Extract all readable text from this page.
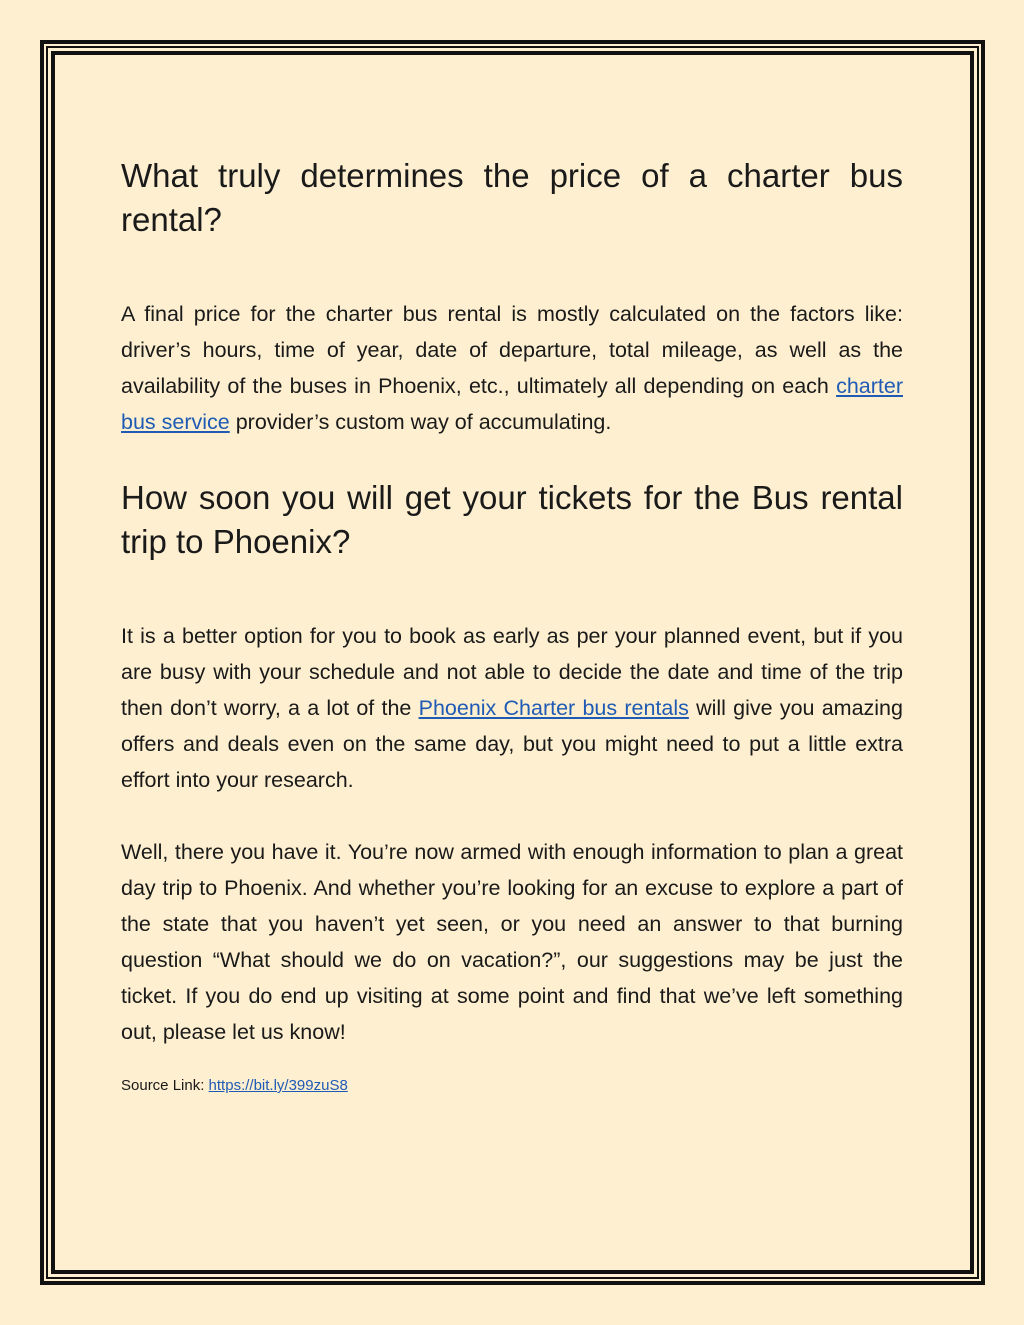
What truly determines the price of a charter bus rental?

A final price for the charter bus rental is mostly calculated on the factors like: driver’s hours, time of year, date of departure, total mileage, as well as the availability of the buses in Phoenix, etc., ultimately all depending on each charter bus service provider’s custom way of accumulating.

How soon you will get your tickets for the Bus rental trip to Phoenix?

It is a better option for you to book as early as per your planned event, but if you are busy with your schedule and not able to decide the date and time of the trip then don’t worry, a a lot of the Phoenix Charter bus rentals will give you amazing offers and deals even on the same day, but you might need to put a little extra effort into your research.

Well, there you have it. You’re now armed with enough information to plan a great day trip to Phoenix. And whether you’re looking for an excuse to explore a part of the state that you haven’t yet seen, or you need an answer to that burning question “What should we do on vacation?”, our suggestions may be just the ticket. If you do end up visiting at some point and find that we’ve left something out, please let us know!

Source Link: https://bit.ly/399zuS8
